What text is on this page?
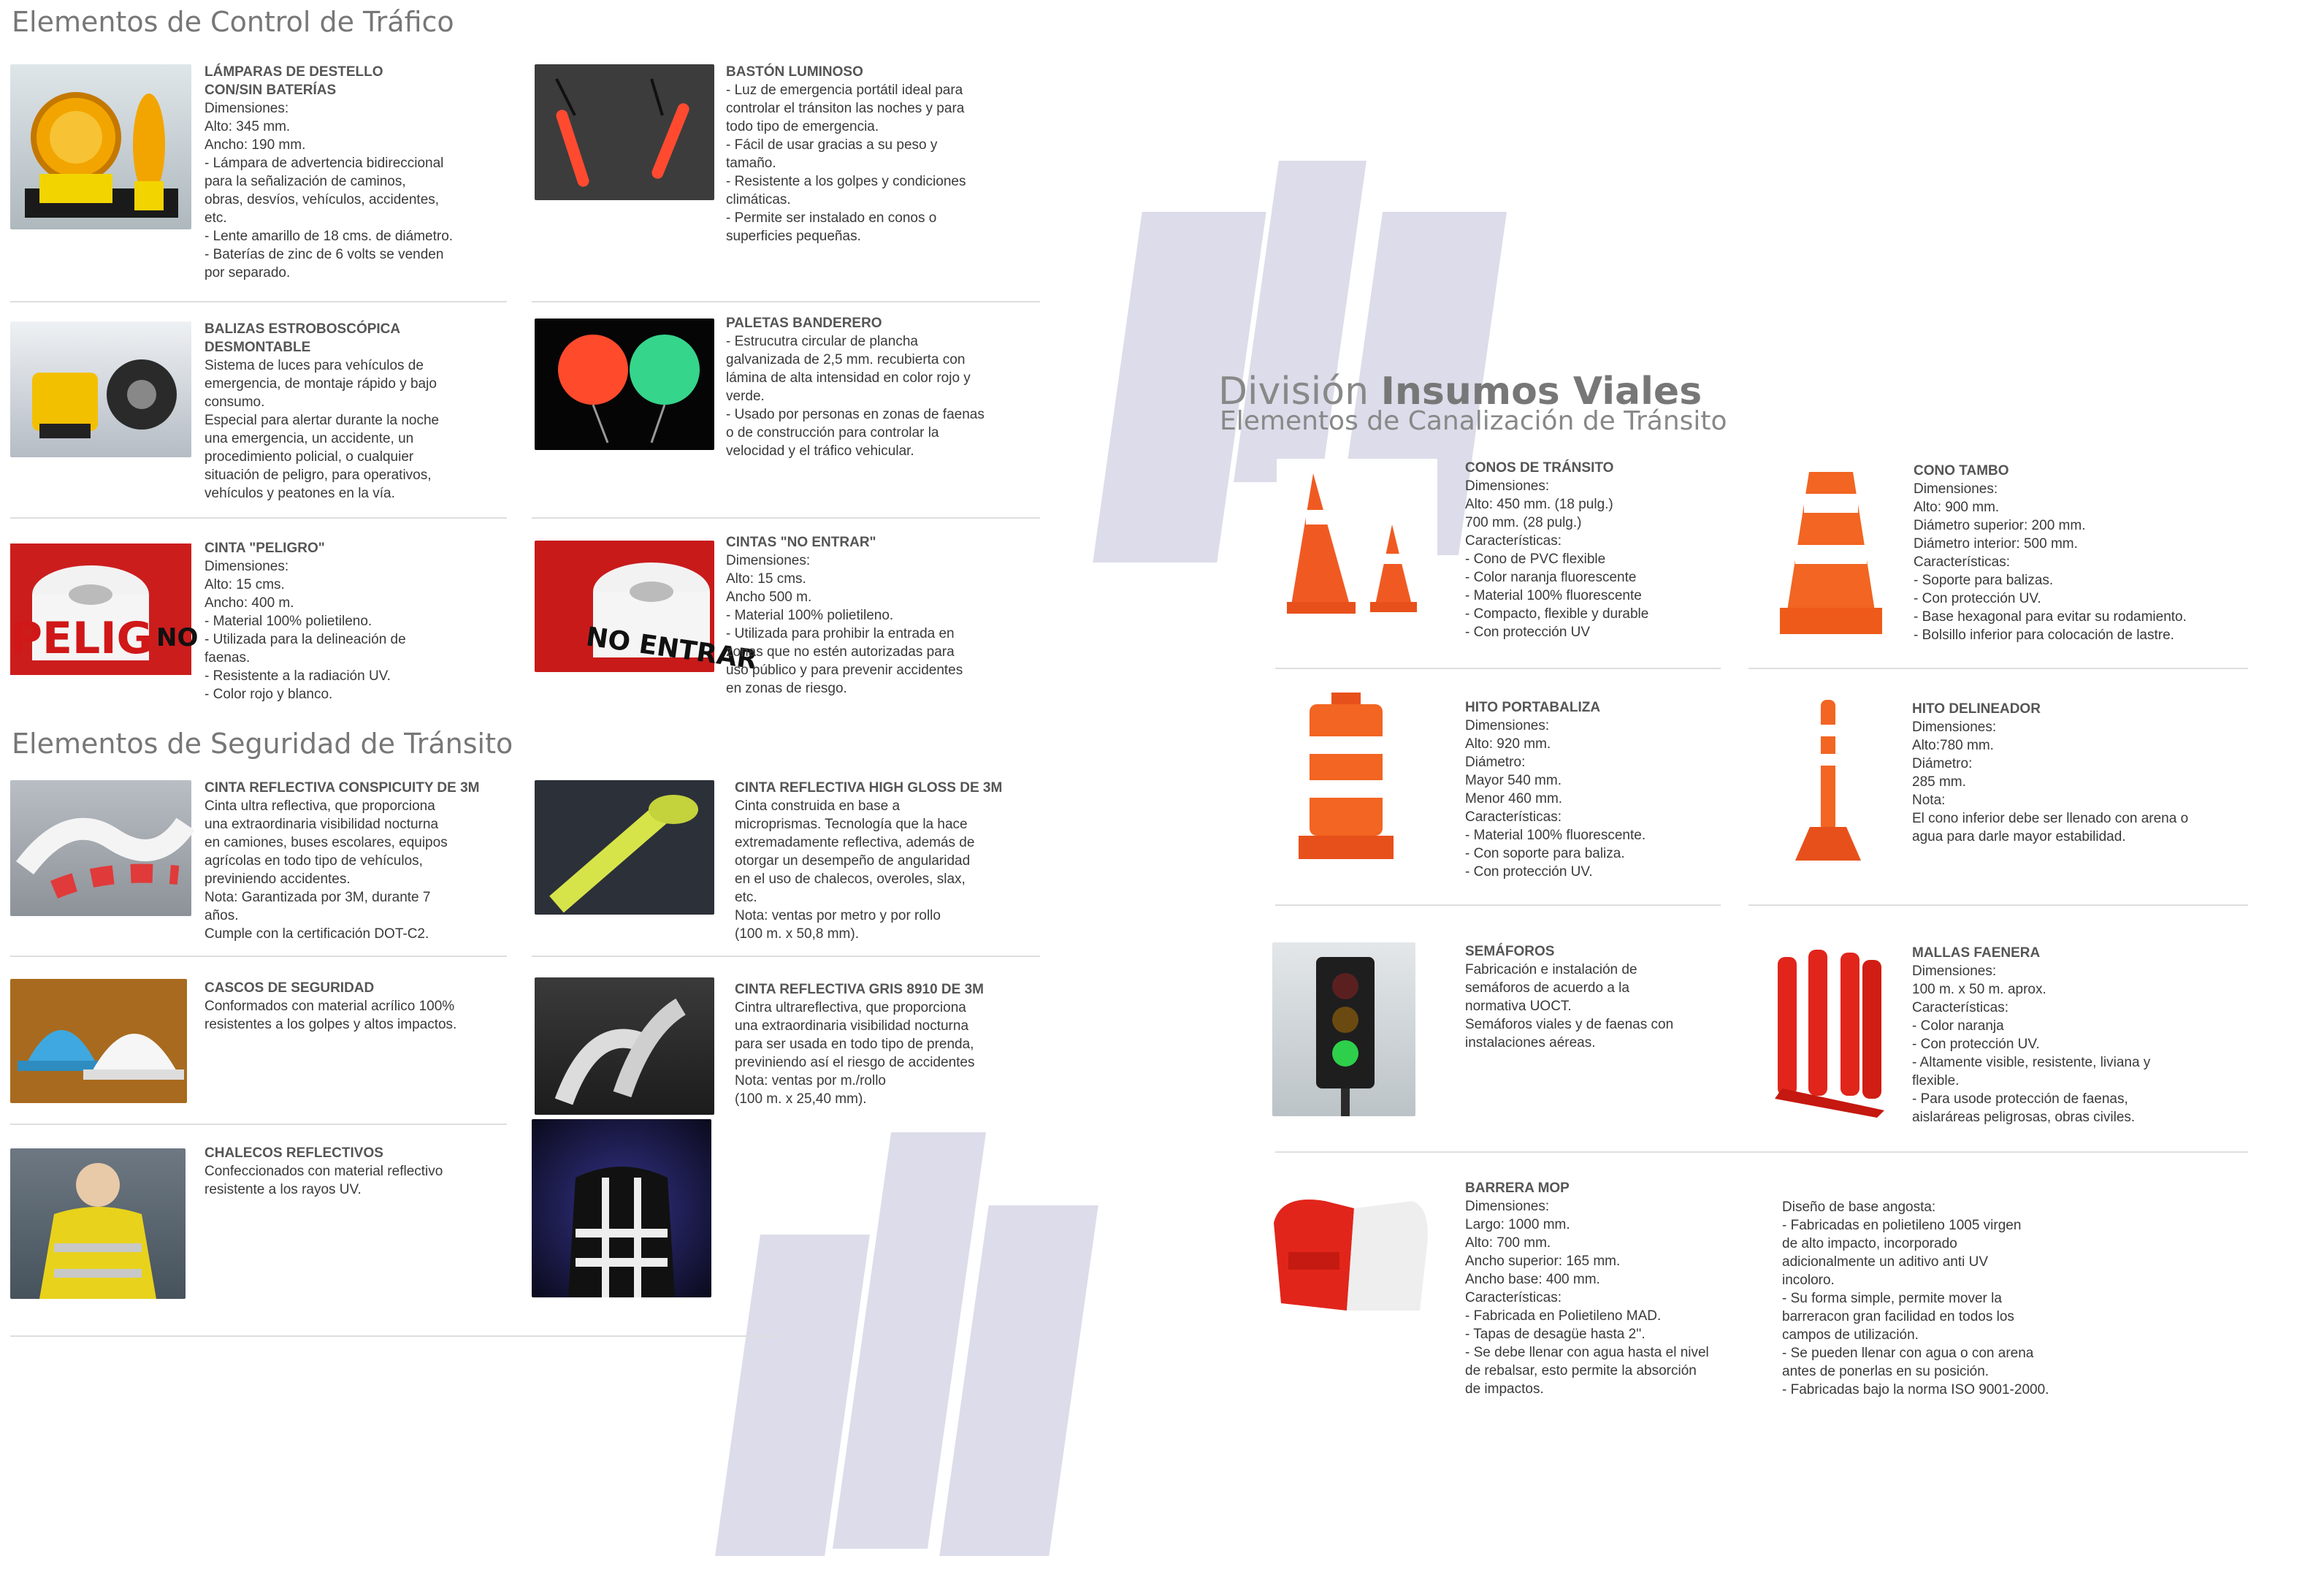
Elementos de Control de Tráfico
Elementos de Seguridad de Tránsito
División Insumos Viales
Elementos de Canalización de Tránsito
LÁMPARAS DE DESTELLO
CON/SIN BATERÍAS

Dimensiones:
Alto: 345 mm.
Ancho: 190 mm.
- Lámpara de advertencia bidireccional
para la señalización de caminos,
obras, desvíos, vehículos, accidentes,
etc.
- Lente amarillo de 18 cms. de diámetro.
- Baterías de zinc de 6 volts se venden
por separado.

BASTÓN LUMINOSO

- Luz de emergencia portátil ideal para
controlar el tránsiton las noches y para
todo tipo de emergencia.
- Fácil de usar gracias a su peso y
tamaño.
- Resistente a los golpes y condiciones
climáticas.
- Permite ser instalado en conos o
superficies pequeñas.

BALIZAS ESTROBOSCÓPICA
DESMONTABLE

Sistema de luces para vehículos de
emergencia, de montaje rápido y bajo
consumo.
Especial para alertar durante la noche
una emergencia, un accidente, un
procedimiento policial, o cualquier
situación de peligro, para operativos,
vehículos y peatones en la vía.

PALETAS BANDERERO

- Estrucutra circular de plancha
galvanizada de 2,5 mm. recubierta con
lámina de alta intensidad en color rojo y
verde.
- Usado por personas en zonas de faenas
o de construcción para controlar la
velocidad y el tráfico vehicular.

PELIG NO
CINTA "PELIGRO"

Dimensiones:
Alto: 15 cms.
Ancho: 400 m.
- Material 100% polietileno.
- Utilizada para la delineación de
faenas.
- Resistente a la radiación UV.
- Color rojo y blanco.

NO ENTRAR
CINTAS "NO ENTRAR"

Dimensiones:
Alto: 15 cms.
Ancho 500 m.
- Material 100% polietileno.
- Utilizada para prohibir la entrada en
zonas que no estén autorizadas para
uso público y para prevenir accidentes
en zonas de riesgo.

CINTA REFLECTIVA CONSPICUITY DE 3M

Cinta ultra reflectiva, que proporciona
una extraordinaria visibilidad nocturna
en camiones, buses escolares, equipos
agrícolas en todo tipo de vehículos,
previniendo accidentes.
Nota: Garantizada por 3M, durante 7
años.
Cumple con la certificación DOT-C2.

CINTA REFLECTIVA HIGH GLOSS DE 3M

Cinta construida en base a
microprismas. Tecnología que la hace
extremadamente reflectiva, además de
otorgar un desempeño de angularidad
en el uso de chalecos, overoles, slax,
etc.
Nota: ventas por metro y por rollo
(100 m. x 50,8 mm).

CASCOS DE SEGURIDAD

Conformados con material acrílico 100%
resistentes a los golpes y altos impactos.

CINTA REFLECTIVA GRIS 8910 DE 3M

Cintra ultrareflectiva, que proporciona
una extraordinaria visibilidad nocturna
para ser usada en todo tipo de prenda,
previniendo así el riesgo de accidentes
Nota: ventas por m./rollo
(100 m. x 25,40 mm).

CHALECOS REFLECTIVOS

Confeccionados con material reflectivo
resistente a los rayos UV.

CONOS DE TRÁNSITO

Dimensiones:
Alto: 450 mm. (18 pulg.)
700 mm. (28 pulg.)
Características:
- Cono de PVC flexible
- Color naranja fluorescente
- Material 100% fluorescente
- Compacto, flexible y durable
- Con protección UV

CONO TAMBO

Dimensiones:
Alto: 900 mm.
Diámetro superior: 200 mm.
Diámetro interior: 500 mm.
Características:
- Soporte para balizas.
- Con protección UV.
- Base hexagonal para evitar su rodamiento.
- Bolsillo inferior para colocación de lastre.

HITO PORTABALIZA

Dimensiones:
Alto: 920 mm.
Diámetro:
Mayor 540 mm.
Menor 460 mm.
Características:
- Material 100% fluorescente.
- Con soporte para baliza.
- Con protección UV.

HITO DELINEADOR

Dimensiones:
Alto:780 mm.
Diámetro:
285 mm.
Nota:
El cono inferior debe ser llenado con arena o
agua para darle mayor estabilidad.

SEMÁFOROS

Fabricación e instalación de
semáforos de acuerdo a la
normativa UOCT.
Semáforos viales y de faenas con
instalaciones aéreas.

MALLAS FAENERA

Dimensiones:
100 m. x 50 m. aprox.
Características:
- Color naranja
- Con protección UV.
- Altamente visible, resistente, liviana y
flexible.
- Para usode protección de faenas,
aislaráreas peligrosas, obras civiles.

BARRERA MOP

Dimensiones:
Largo: 1000 mm.
Alto: 700 mm.
Ancho superior: 165 mm.
Ancho base: 400 mm.
Características:
- Fabricada en Polietileno MAD.
- Tapas de desagüe hasta 2''.
- Se debe llenar con agua hasta el nivel
de rebalsar, esto permite la absorción
de impactos.

Diseño de base angosta:
- Fabricadas en polietileno 1005 virgen
de alto impacto, incorporado
adicionalmente un aditivo anti UV
incoloro.
- Su forma simple, permite mover la
barreracon gran facilidad en todos los
campos de utilización.
- Se pueden llenar con agua o con arena
antes de ponerlas en su posición.
- Fabricadas bajo la norma ISO 9001-2000.
